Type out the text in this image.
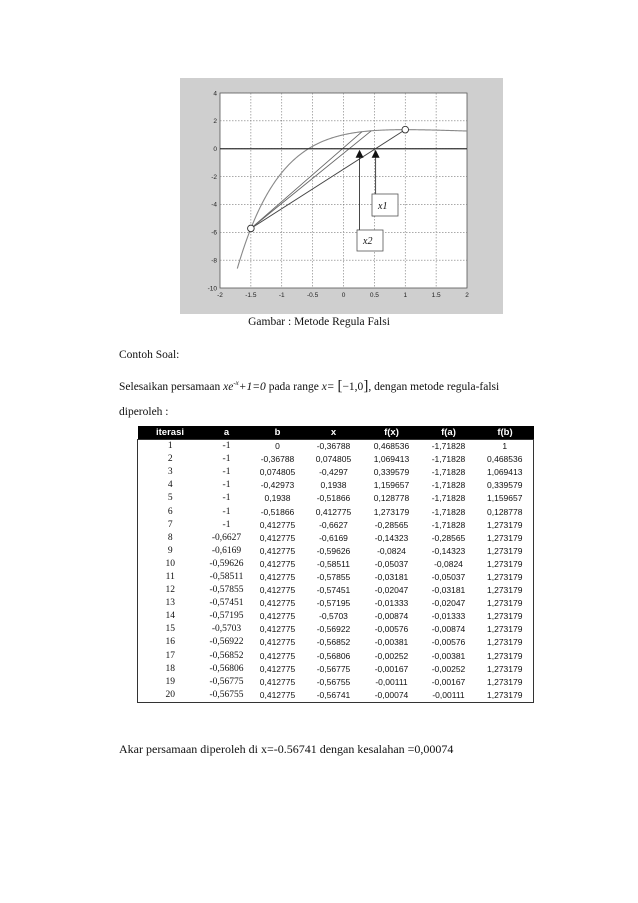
-2	-1.5	-1	-0.5	0	0.5	1	1.5	2
4
2
0
-2
-4
-6
-8
-10
x1
x2
Gambar : Metode Regula Falsi
Contoh Soal:
Selesaikan persamaan $xe^{-x}+1=0$ pada range x= [−1,0], dengan metode regula-falsi
diperoleh :
iterasi	a	b	x	f(x)	f(a)	f(b)
1	-1	0	-0,36788	0,468536	-1,71828	1
2	-1	-0,36788	0,074805	1,069413	-1,71828	0,468536
3	-1	0,074805	-0,4297	0,339579	-1,71828	1,069413
4	-1	-0,42973	0,1938	1,159657	-1,71828	0,339579
5	-1	0,1938	-0,51866	0,128778	-1,71828	1,159657
6	-1	-0,51866	0,412775	1,273179	-1,71828	0,128778
7	-1	0,412775	-0,6627	-0,28565	-1,71828	1,273179
8	-0,6627	0,412775	-0,6169	-0,14323	-0,28565	1,273179
9	-0,6169	0,412775	-0,59626	-0,0824	-0,14323	1,273179
10	-0,59626	0,412775	-0,58511	-0,05037	-0,0824	1,273179
11	-0,58511	0,412775	-0,57855	-0,03181	-0,05037	1,273179
12	-0,57855	0,412775	-0,57451	-0,02047	-0,03181	1,273179
13	-0,57451	0,412775	-0,57195	-0,01333	-0,02047	1,273179
14	-0,57195	0,412775	-0,5703	-0,00874	-0,01333	1,273179
15	-0,5703	0,412775	-0,56922	-0,00576	-0,00874	1,273179
16	-0,56922	0,412775	-0,56852	-0,00381	-0,00576	1,273179
17	-0,56852	0,412775	-0,56806	-0,00252	-0,00381	1,273179
18	-0,56806	0,412775	-0,56775	-0,00167	-0,00252	1,273179
19	-0,56775	0,412775	-0,56755	-0,00111	-0,00167	1,273179
20	-0,56755	0,412775	-0,56741	-0,00074	-0,00111	1,273179
Akar persamaan diperoleh di x=-0.56741 dengan kesalahan =0,00074
